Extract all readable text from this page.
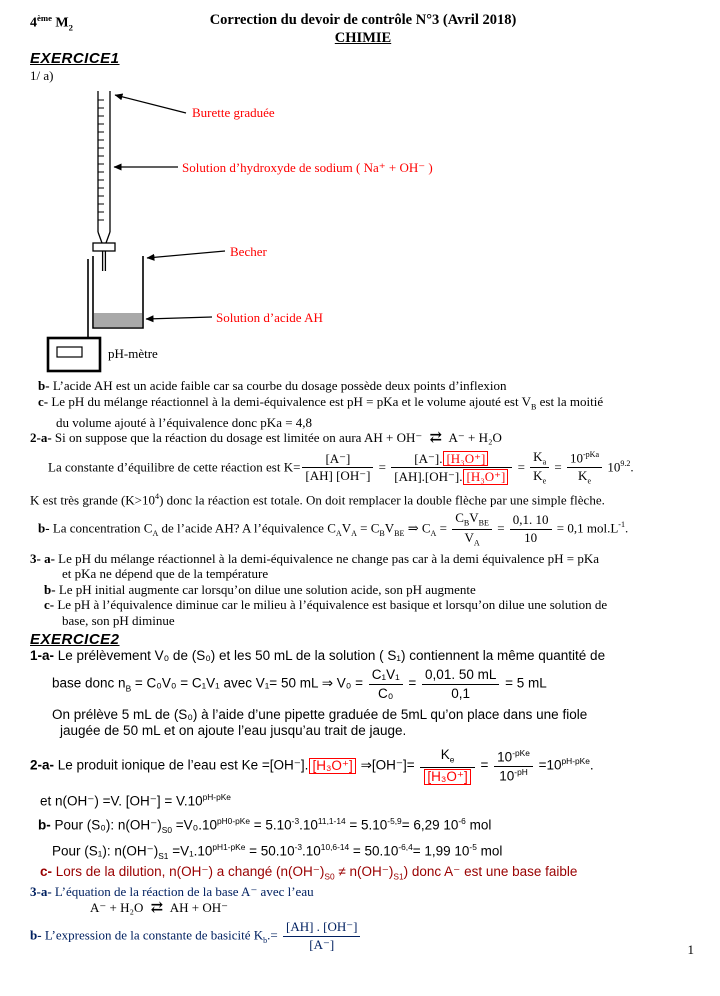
4ème $M_2$	Correction du devoir de contrôle N°3 (Avril 2018)
CHIMIE
EXERCICE1
1/ a)
Burette graduée
Solution d’hydroxyde de sodium ( Na⁺ + OH⁻ )
Becher
Solution d’acide AH
pH-mètre
b- L’acide AH est un acide faible car sa courbe du dosage possède deux points d’inflexion
c- Le pH du mélange réactionnel à la demi-équivalence est pH = pKa et le volume ajouté est $V_B$ est la moitié
du volume ajouté à l’équivalence donc pKa = 4,8
2-a- Si on suppose que la réaction du dosage est limitée on aura AH + OH⁻ ⇄ A⁻ + H₂O
La constante d’équilibre de cette réaction est $K= \frac{[A^-]}{[AH] [OH^-]} = \frac{\text{[A⁻]. [H₃O⁺]}}{\text{[AH].[OH⁻]. [H₃O⁺]}} = \frac{K_a}{K_e} = \frac{10^{-pKa}}{K_e} 10^{9.2}$.
K est très grande $(K>10^4)$ donc la réaction est totale. On doit remplacer la double flèche par une simple flèche.
b- La concentration $C_A$ de l’acide AH? A l’équivalence $C_AV_A = C_BV_{BE}$ ⇒ $C_A = \frac{C_BV_{BE}}{V_A} = \frac{0,1. 10}{10} = 0,1$ $mol.L^{-1}$.
3- a- Le pH du mélange réactionnel à la demi-équivalence ne change pas car à la demi équivalence pH = pKa
et pKa ne dépend que de la température
b- Le pH initial augmente car lorsqu’on dilue une solution acide, son pH augmente
c- Le pH à l’équivalence diminue car le milieu à l’équivalence est basique et lorsqu’on dilue une solution de
base, son pH diminue
EXERCICE2
1-a- Le prélèvement V₀ de (S₀) et les 50 mL de la solution ( S₁) contiennent la même quantité de
base donc $n_B = C_0V_0 = C_1V_1$ avec V₁= 50 mL ⇒ $V_0 = \frac{\text{C₁V₁}}{\text{C₀}} = \frac{0,01. 50 mL}{0,1} = 5$ mL
On prélève 5 mL de (S₀) à l’aide d’une pipette graduée de 5mL qu’on place dans une fiole
jaugée de 50 mL et on ajoute l’eau jusqu’au trait de jauge.
2-a- Le produit ionique de l’eau est Ke =[OH⁻]. [H₃O⁺] ⇒[OH⁻]= $\frac{K_e}{\text{[H₃O⁺]}} = \frac{10^{-pKe}}{10^{-pH}} =10^{pH-pKe}$.
et n(OH⁻) =V. $[OH^-] = V.10^{pH-pKe}$
b- Pour (S₀): $n(OH^-)_{S0} =V_0.10^{pH0-pKe} = 5.10^{-3}.10^{11,1-14} = 5.10^{-5,9}= 6,29$ $10^{-6}$ mol
Pour (S₁): $n(OH^-)_{S1} =V_1.10^{pH1-pKe} = 50.10^{-3}.10^{10,6-14} = 50.10^{-6,4}= 1,99$ $10^{-5}$ mol
c- Lors de la dilution, n(OH⁻) a changé $(n(OH^-)_{S0} \ne n(OH^-)_{S1})$ donc A⁻ est une base faible
3-a- L’équation de la réaction de la base A⁻ avec l’eau
A⁻ + H₂O ⇄ AH + OH⁻
b- L’expression de la constante de basicité $K_b.= \frac{[AH] . [OH^-]}{[A^-]}$	1
